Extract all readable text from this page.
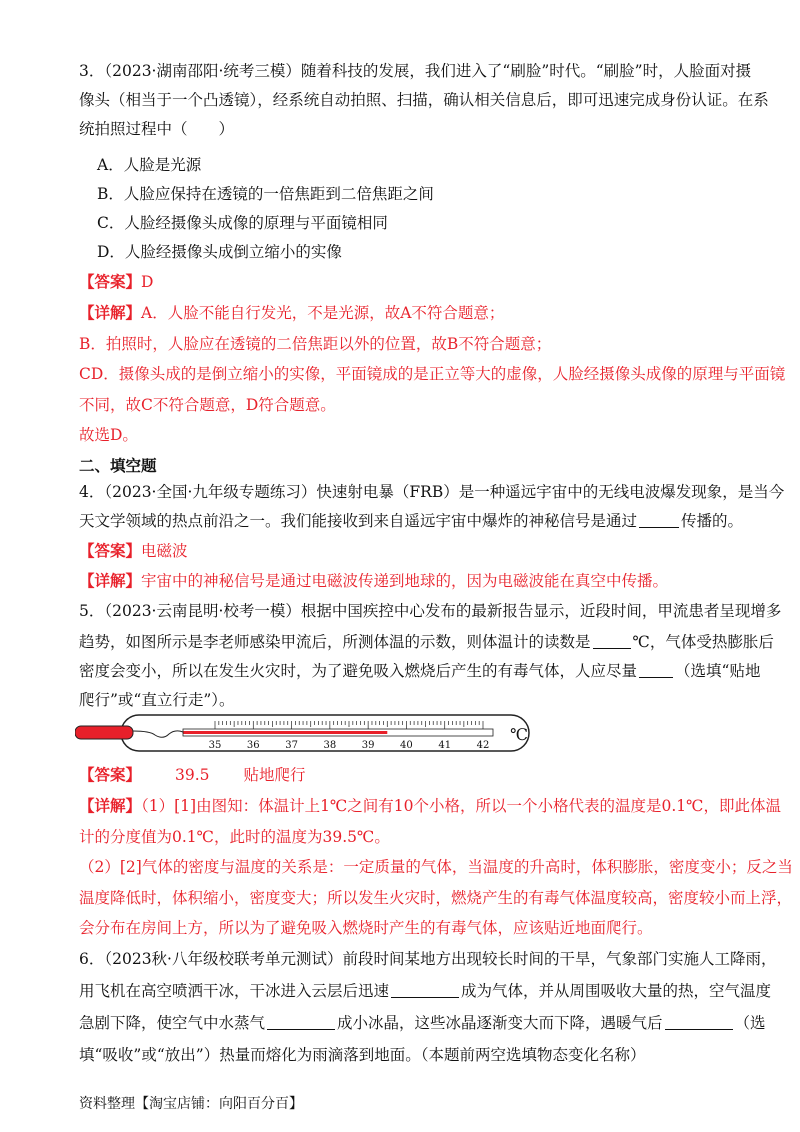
3．（2023·湖南邵阳·统考三模）随着科技的发展，我们进入了“刷脸”时代。“刷脸”时，人脸面对摄
像头（相当于一个凸透镜），经系统自动拍照、扫描，确认相关信息后，即可迅速完成身份认证。在系
统拍照过程中（　　）
A．人脸是光源
B．人脸应保持在透镜的一倍焦距到二倍焦距之间
C．人脸经摄像头成像的原理与平面镜相同
D．人脸经摄像头成倒立缩小的实像
【答案】D
【详解】A．人脸不能自行发光，不是光源，故A不符合题意；
B．拍照时，人脸应在透镜的二倍焦距以外的位置，故B不符合题意；
CD．摄像头成的是倒立缩小的实像，平面镜成的是正立等大的虚像，人脸经摄像头成像的原理与平面镜
不同，故C不符合题意，D符合题意。
故选D。
二、填空题
4．（2023·全国·九年级专题练习）快速射电暴（FRB）是一种遥远宇宙中的无线电波爆发现象，是当今
天文学领域的热点前沿之一。我们能接收到来自遥远宇宙中爆炸的神秘信号是通过	传播的。
【答案】电磁波
【详解】宇宙中的神秘信号是通过电磁波传递到地球的，因为电磁波能在真空中传播。
5．（2023·云南昆明·校考一模）根据中国疾控中心发布的最新报告显示，近段时间，甲流患者呈现增多
趋势，如图所示是李老师感染甲流后，所测体温的示数，则体温计的读数是	℃，气体受热膨胀后
密度会变小，所以在发生火灾时，为了避免吸入燃烧后产生的有毒气体，人应尽量 （选填“贴地
爬行”或“直立行走”）。
35	36	37	38	39	40	41	42
℃
【答案】 39.5 贴地爬行
【详解】（1）[1]由图知：体温计上1℃之间有10个小格，所以一个小格代表的温度是0.1℃，即此体温
计的分度值为0.1℃，此时的温度为39.5℃。
（2）[2]气体的密度与温度的关系是：一定质量的气体，当温度的升高时，体积膨胀，密度变小；反之当
温度降低时，体积缩小，密度变大；所以发生火灾时，燃烧产生的有毒气体温度较高，密度较小而上浮，
会分布在房间上方，所以为了避免吸入燃烧时产生的有毒气体，应该贴近地面爬行。
6．（2023秋·八年级校联考单元测试）前段时间某地方出现较长时间的干旱，气象部门实施人工降雨，
用飞机在高空喷洒干冰，干冰进入云层后迅速	成为气体，并从周围吸收大量的热，空气温度
急剧下降，使空气中水蒸气	成小冰晶，这些冰晶逐渐变大而下降，遇暖气后	（选
填“吸收”或“放出”）热量而熔化为雨滴落到地面。（本题前两空选填物态变化名称）
资料整理【淘宝店铺：向阳百分百】
